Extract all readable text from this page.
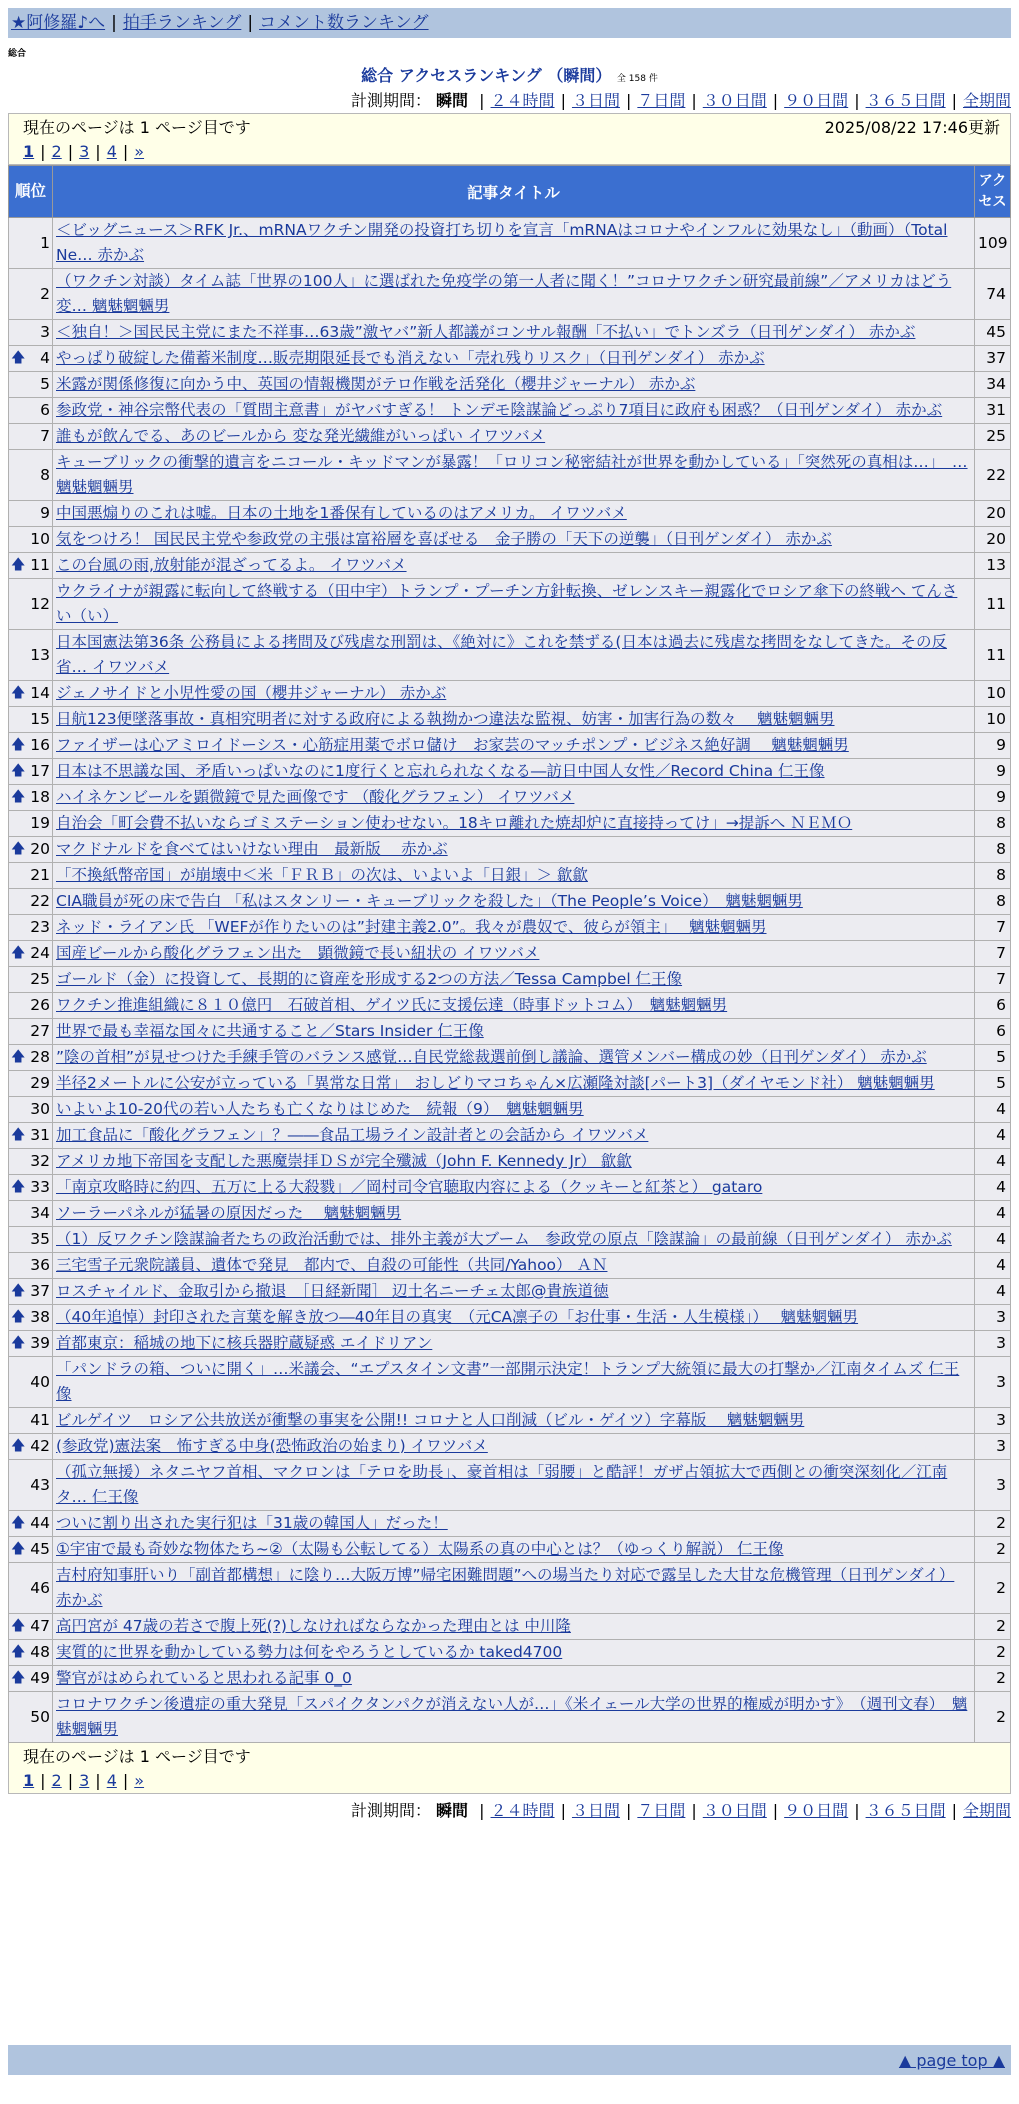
★阿修羅♪へ | 拍手ランキング | コメント数ランキング
総合
総合 アクセスランキング （瞬間） 全 158 件
計測期間： 瞬間 | ２４時間 | ３日間 | ７日間 | ３０日間 | ９０日間 | ３６５日間 | 全期間
現在のページは 1 ページ目です	2025/08/22 17:46更新
1 | 2 | 3 | 4 | »
順位	記事タイトル	アクセス
1	＜ビッグニュース＞RFK Jr.、mRNAワクチン開発の投資打ち切りを宣言「mRNAはコロナやインフルに効果なし」（動画）（Total Ne… 赤かぶ	109
2	（ワクチン対談）タイム誌「世界の100人」に選ばれた免疫学の第一人者に聞く！”コロナワクチン研究最前線”／アメリカはどう変… 魑魅魍魎男	74
3	＜独自！＞国民民主党にまた不祥事…63歳”激ヤバ”新人都議がコンサル報酬「不払い」でトンズラ（日刊ゲンダイ） 赤かぶ	45

🡅 4	やっぱり破綻した備蓄米制度…販売期限延長でも消えない「売れ残りリスク」（日刊ゲンダイ） 赤かぶ	37
5	米露が関係修復に向かう中、英国の情報機関がテロ作戦を活発化（櫻井ジャーナル） 赤かぶ	34
6	参政党・神谷宗幣代表の「質問主意書」がヤバすぎる！ トンデモ陰謀論どっぷり7項目に政府も困惑？（日刊ゲンダイ） 赤かぶ	31
7	誰もが飲んでる、あのビールから 変な発光繊維がいっぱい イワツバメ	25
8	キューブリックの衝撃的遺言をニコール・キッドマンが暴露！「ロリコン秘密結社が世界を動かしている」「突然死の真相は…」　… 魑魅魍魎男	22
9	中国悪煽りのこれは嘘。日本の土地を1番保有しているのはアメリカ。 イワツバメ	20
10	気をつけろ！ 国民民主党や参政党の主張は富裕層を喜ばせる　金子勝の「天下の逆襲」（日刊ゲンダイ） 赤かぶ	20

🡅 11	この台風の雨,放射能が混ざってるよ。 イワツバメ	13
12	ウクライナが親露に転向して終戦する（田中宇）トランプ・プーチン方針転換、ゼレンスキー親露化でロシア傘下の終戦へ てんさい（い）	11
13	日本国憲法第36条 公務員による拷問及び残虐な刑罰は、《絶対に》これを禁ずる(日本は過去に残虐な拷問をなしてきた。その反省… イワツバメ	11

🡅 14	ジェノサイドと小児性愛の国（櫻井ジャーナル） 赤かぶ	10
15	日航123便墜落事故・真相究明者に対する政府による執拗かつ違法な監視、妨害・加害行為の数々　 魑魅魍魎男	10

🡅 16	ファイザーは心アミロイドーシス・心筋症用薬でボロ儲け　お家芸のマッチポンプ・ビジネス絶好調　 魑魅魍魎男	9

🡅 17	日本は不思議な国、矛盾いっぱいなのに1度行くと忘れられなくなる―訪日中国人女性／Record China 仁王像	9

🡅 18	ハイネケンビールを顕微鏡で見た画像です （酸化グラフェン） イワツバメ	9
19	自治会「町会費不払いならゴミステーション使わせない。18キロ離れた焼却炉に直接持ってけ」→提訴へ ＮＥＭＯ	8

🡅 20	マクドナルドを食べてはいけない理由　最新版　 赤かぶ	8
21	「不換紙幣帝国」が崩壊中＜米「ＦＲＢ」の次は、いよいよ「日銀」＞ 歙歙	8
22	CIA職員が死の床で告白 「私はスタンリー・キューブリックを殺した」（The People’s Voice）　魑魅魍魎男	8
23	ネッド・ライアン氏 「WEFが作りたいのは”封建主義2.0”。我々が農奴で、彼らが領主」　 魑魅魍魎男	7

🡅 24	国産ビールから酸化グラフェン出た　顕微鏡で長い紐状の イワツバメ	7
25	ゴールド（金）に投資して、長期的に資産を形成する2つの方法／Tessa Campbel 仁王像	7
26	ワクチン推進組織に８１０億円　石破首相、ゲイツ氏に支援伝達（時事ドットコム）　魑魅魍魎男	6
27	世界で最も幸福な国々に共通すること／Stars Insider 仁王像	6

🡅 28	”陰の首相”が見せつけた手練手管のバランス感覚…自民党総裁選前倒し議論、選管メンバー構成の妙（日刊ゲンダイ） 赤かぶ	5
29	半径2メートルに公安が立っている「異常な日常」　おしどりマコちゃん×広瀬隆対談[パート3]（ダイヤモンド社） 魑魅魍魎男	5
30	いよいよ10-20代の若い人たちも亡くなりはじめた　続報（9）　魑魅魍魎男	4

🡅 31	加工食品に「酸化グラフェン」？――食品工場ライン設計者との会話から イワツバメ	4
32	アメリカ地下帝国を支配した悪魔崇拝ＤＳが完全殲滅（John F. Kennedy Jr） 歙歙	4

🡅 33	「南京攻略時に約四、五万に上る大殺戮」／岡村司令官聴取内容による（クッキーと紅茶と） gataro	4
34	ソーラーパネルが猛暑の原因だった　 魑魅魍魎男	4
35	（1）反ワクチン陰謀論者たちの政治活動では、排外主義が大ブーム　参政党の原点「陰謀論」の最前線（日刊ゲンダイ） 赤かぶ	4
36	三宅雪子元衆院議員、遺体で発見　都内で、自殺の可能性（共同/Yahoo） ＡＮ	4

🡅 37	ロスチャイルド、金取引から撤退　［日経新聞］ 辺土名ニーチェ太郎@貴族道徳	4

🡅 38	（40年追悼）封印された言葉を解き放つ―40年目の真実　（元CA凛子の「お仕事・生活・人生模様」）　 魑魅魍魎男	3

🡅 39	首都東京：稲城の地下に核兵器貯蔵疑惑 エイドリアン	3
40	「パンドラの箱、ついに開く」…米議会、“エプスタイン文書”一部開示決定！トランプ大統領に最大の打撃か／江南タイムズ 仁王像	3
41	ビルゲイツ　ロシア公共放送が衝撃の事実を公開!! コロナと人口削減（ビル・ゲイツ）字幕版　 魑魅魍魎男	3

🡅 42	(参政党)憲法案　怖すぎる中身(恐怖政治の始まり) イワツバメ	3
43	（孤立無援）ネタニヤフ首相、マクロンは「テロを助長」、豪首相は「弱腰」と酷評！ガザ占領拡大で西側との衝突深刻化／江南タ… 仁王像	3

🡅 44	ついに割り出された実行犯は「31歳の韓国人」だった！	2

🡅 45	①宇宙で最も奇妙な物体たち~②（太陽も公転してる）太陽系の真の中心とは？（ゆっくり解説） 仁王像	2
46	吉村府知事肝いり「副首都構想」に陰り…大阪万博”帰宅困難問題”への場当たり対応で露呈した大甘な危機管理（日刊ゲンダイ） 赤かぶ	2

🡅 47	高円宮が 47歳の若さで腹上死(?)しなければならなかった理由とは 中川隆	2

🡅 48	実質的に世界を動かしている勢力は何をやろうとしているか taked4700	2

🡅 49	警官がはめられていると思われる記事 0_0	2
50	コロナワクチン後遺症の重大発見「スパイクタンパクが消えない人が…」《米イェール大学の世界的権威が明かす》　（週刊文春）　魑魅魍魎男	2
現在のページは 1 ページ目です
1 | 2 | 3 | 4 | »
計測期間： 瞬間 | ２４時間 | ３日間 | ７日間 | ３０日間 | ９０日間 | ３６５日間 | 全期間
▲ page top ▲
